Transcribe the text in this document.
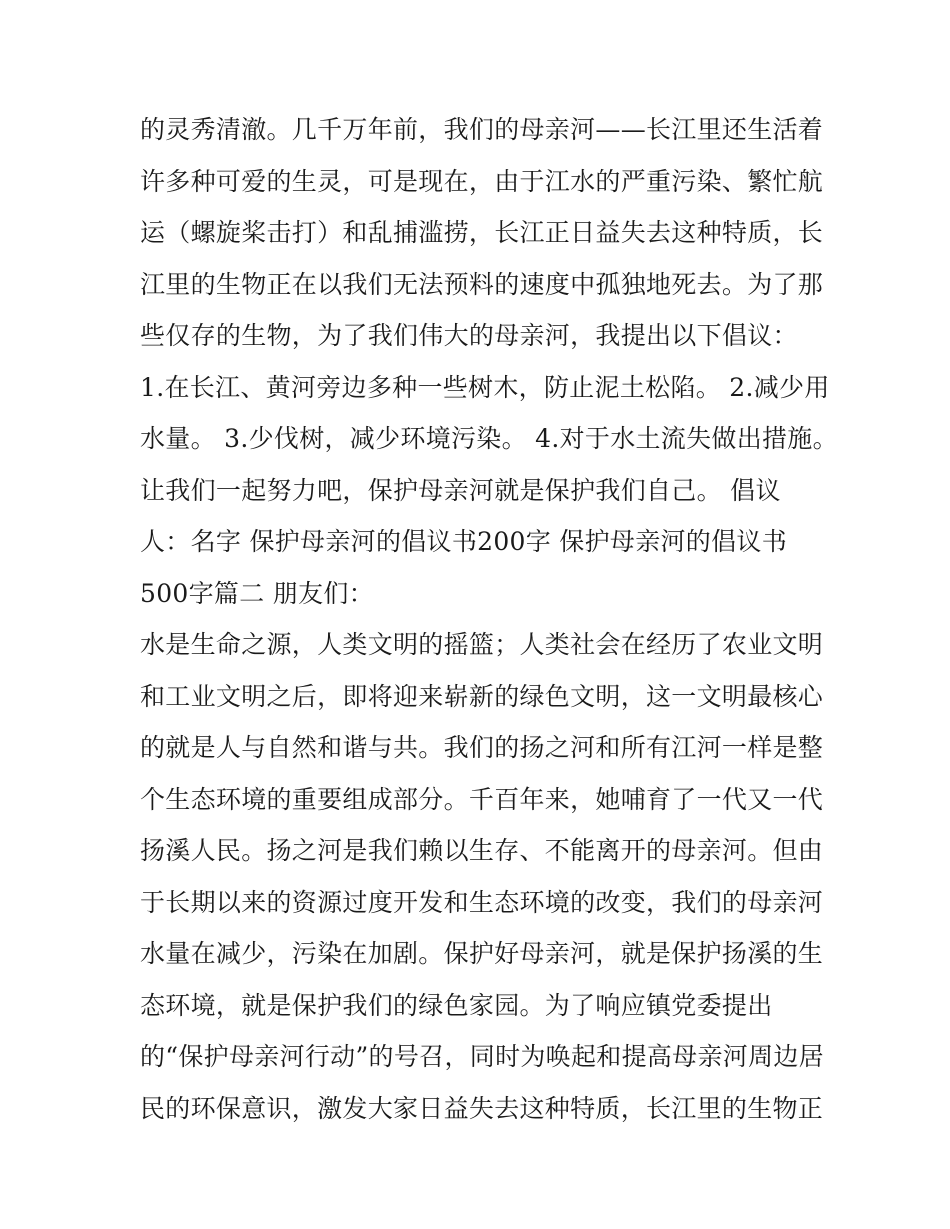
的灵秀清澈。几千万年前，我们的母亲河——长江里还生活着
许多种可爱的生灵，可是现在，由于江水的严重污染、繁忙航
运（螺旋桨击打）和乱捕滥捞，长江正日益失去这种特质，长
江里的生物正在以我们无法预料的速度中孤独地死去。为了那
些仅存的生物，为了我们伟大的母亲河，我提出以下倡议：
1.在长江、黄河旁边多种一些树木，防止泥土松陷。 2.减少用
水量。 3.少伐树，减少环境污染。 4.对于水土流失做出措施。
让我们一起努力吧，保护母亲河就是保护我们自己。 倡议
人：名字 保护母亲河的倡议书200字 保护母亲河的倡议书
500字篇二 朋友们：
水是生命之源，人类文明的摇篮；人类社会在经历了农业文明
和工业文明之后，即将迎来崭新的绿色文明，这一文明最核心
的就是人与自然和谐与共。我们的扬之河和所有江河一样是整
个生态环境的重要组成部分。千百年来，她哺育了一代又一代
扬溪人民。扬之河是我们赖以生存、不能离开的母亲河。但由
于长期以来的资源过度开发和生态环境的改变，我们的母亲河
水量在减少，污染在加剧。保护好母亲河，就是保护扬溪的生
态环境，就是保护我们的绿色家园。为了响应镇党委提出
的“保护母亲河行动”的号召，同时为唤起和提高母亲河周边居
民的环保意识，激发大家日益失去这种特质，长江里的生物正
